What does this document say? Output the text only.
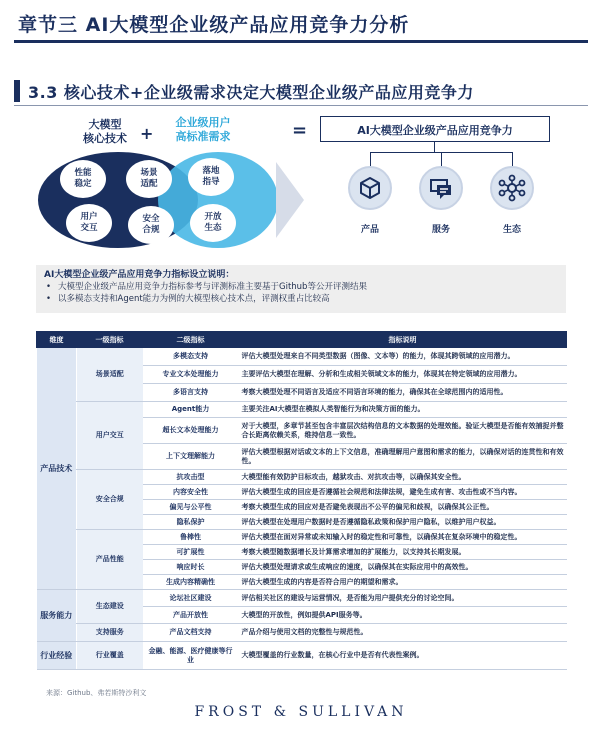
章节三 AI大模型企业级产品应用竞争力分析
3.3 核心技术+企业级需求决定大模型企业级产品应用竞争力
大模型
核心技术 +
企业级用户
高标准需求	=
性能
稳定
场景
适配
用户
交互
安全
合规
落地
指导
开放
生态
AI大模型企业级产品应用竞争力
产品	服务	生态
AI大模型企业级产品应用竞争力指标设立说明：
• 大模型企业级产品应用竞争力指标参考与评测标准主要基于Github等公开评测结果
• 以多模态支持和Agent能力为例的大模型核心技术点，评测权重占比较高
维度	一级指标	二级指标	指标说明
产品技术	场景适配	多模态支持	评估大模型处理来自不同类型数据（图像、文本等）的能力，体现其跨领域的应用潜力。
		专业文本处理能力	主要评估大模型在理解、分析和生成相关领域文本的能力，体现其在特定领域的应用潜力。
		多语言支持	考察大模型处理不同语言及适应不同语言环境的能力，确保其在全球范围内的适用性。
	用户交互	Agent能力	主要关注AI大模型在模拟人类智能行为和决策方面的能力。
		超长文本处理能力	对于大模型，多章节甚至包含丰富层次结构信息的文本数据的处理效能。验证大模型是否能有效捕捉并整合长距离依赖关系，维持信息一致性。
		上下文理解能力	评估大模型根据对话或文本的上下文信息，准确理解用户意图和需求的能力，以确保对话的连贯性和有效性。
	安全合规	抗攻击型	大模型能有效防护目标攻击，越狱攻击、对抗攻击等，以确保其安全性。
		内容安全性	评估大模型生成的回应是否遵循社会规范和法律法规，避免生成有害、攻击性或不当内容。
		偏见与公平性	考察大模型生成的回应对是否避免表现出不公平的偏见和歧视，以确保其公正性。
		隐私保护	评估大模型在处理用户数据时是否遵循隐私政策和保护用户隐私，以维护用户权益。
	产品性能	鲁棒性	评估大模型在面对异常或未知输入时的稳定性和可靠性，以确保其在复杂环境中的稳定性。
		可扩展性	考察大模型随数据增长及计算需求增加的扩展能力，以支持其长期发展。
		响应时长	评估大模型处理请求或生成响应的速度，以确保其在实际应用中的高效性。
		生成内容精确性	评估大模型生成的内容是否符合用户的期望和需求。
服务能力	生态建设	论坛社区建设	评估相关社区的建设与运营情况，是否能为用户提供充分的讨论空间。
		产品开放性	大模型的开放性，例如提供API服务等。
	支持服务	产品文档支持	产品介绍与使用文档的完整性与规范性。
行业经验	行业覆盖	金融、能源、医疗健康等行业	大模型覆盖的行业数量，在核心行业中是否有代表性案例。
来源：Github、弗若斯特沙利文
FROST & SULLIVAN
